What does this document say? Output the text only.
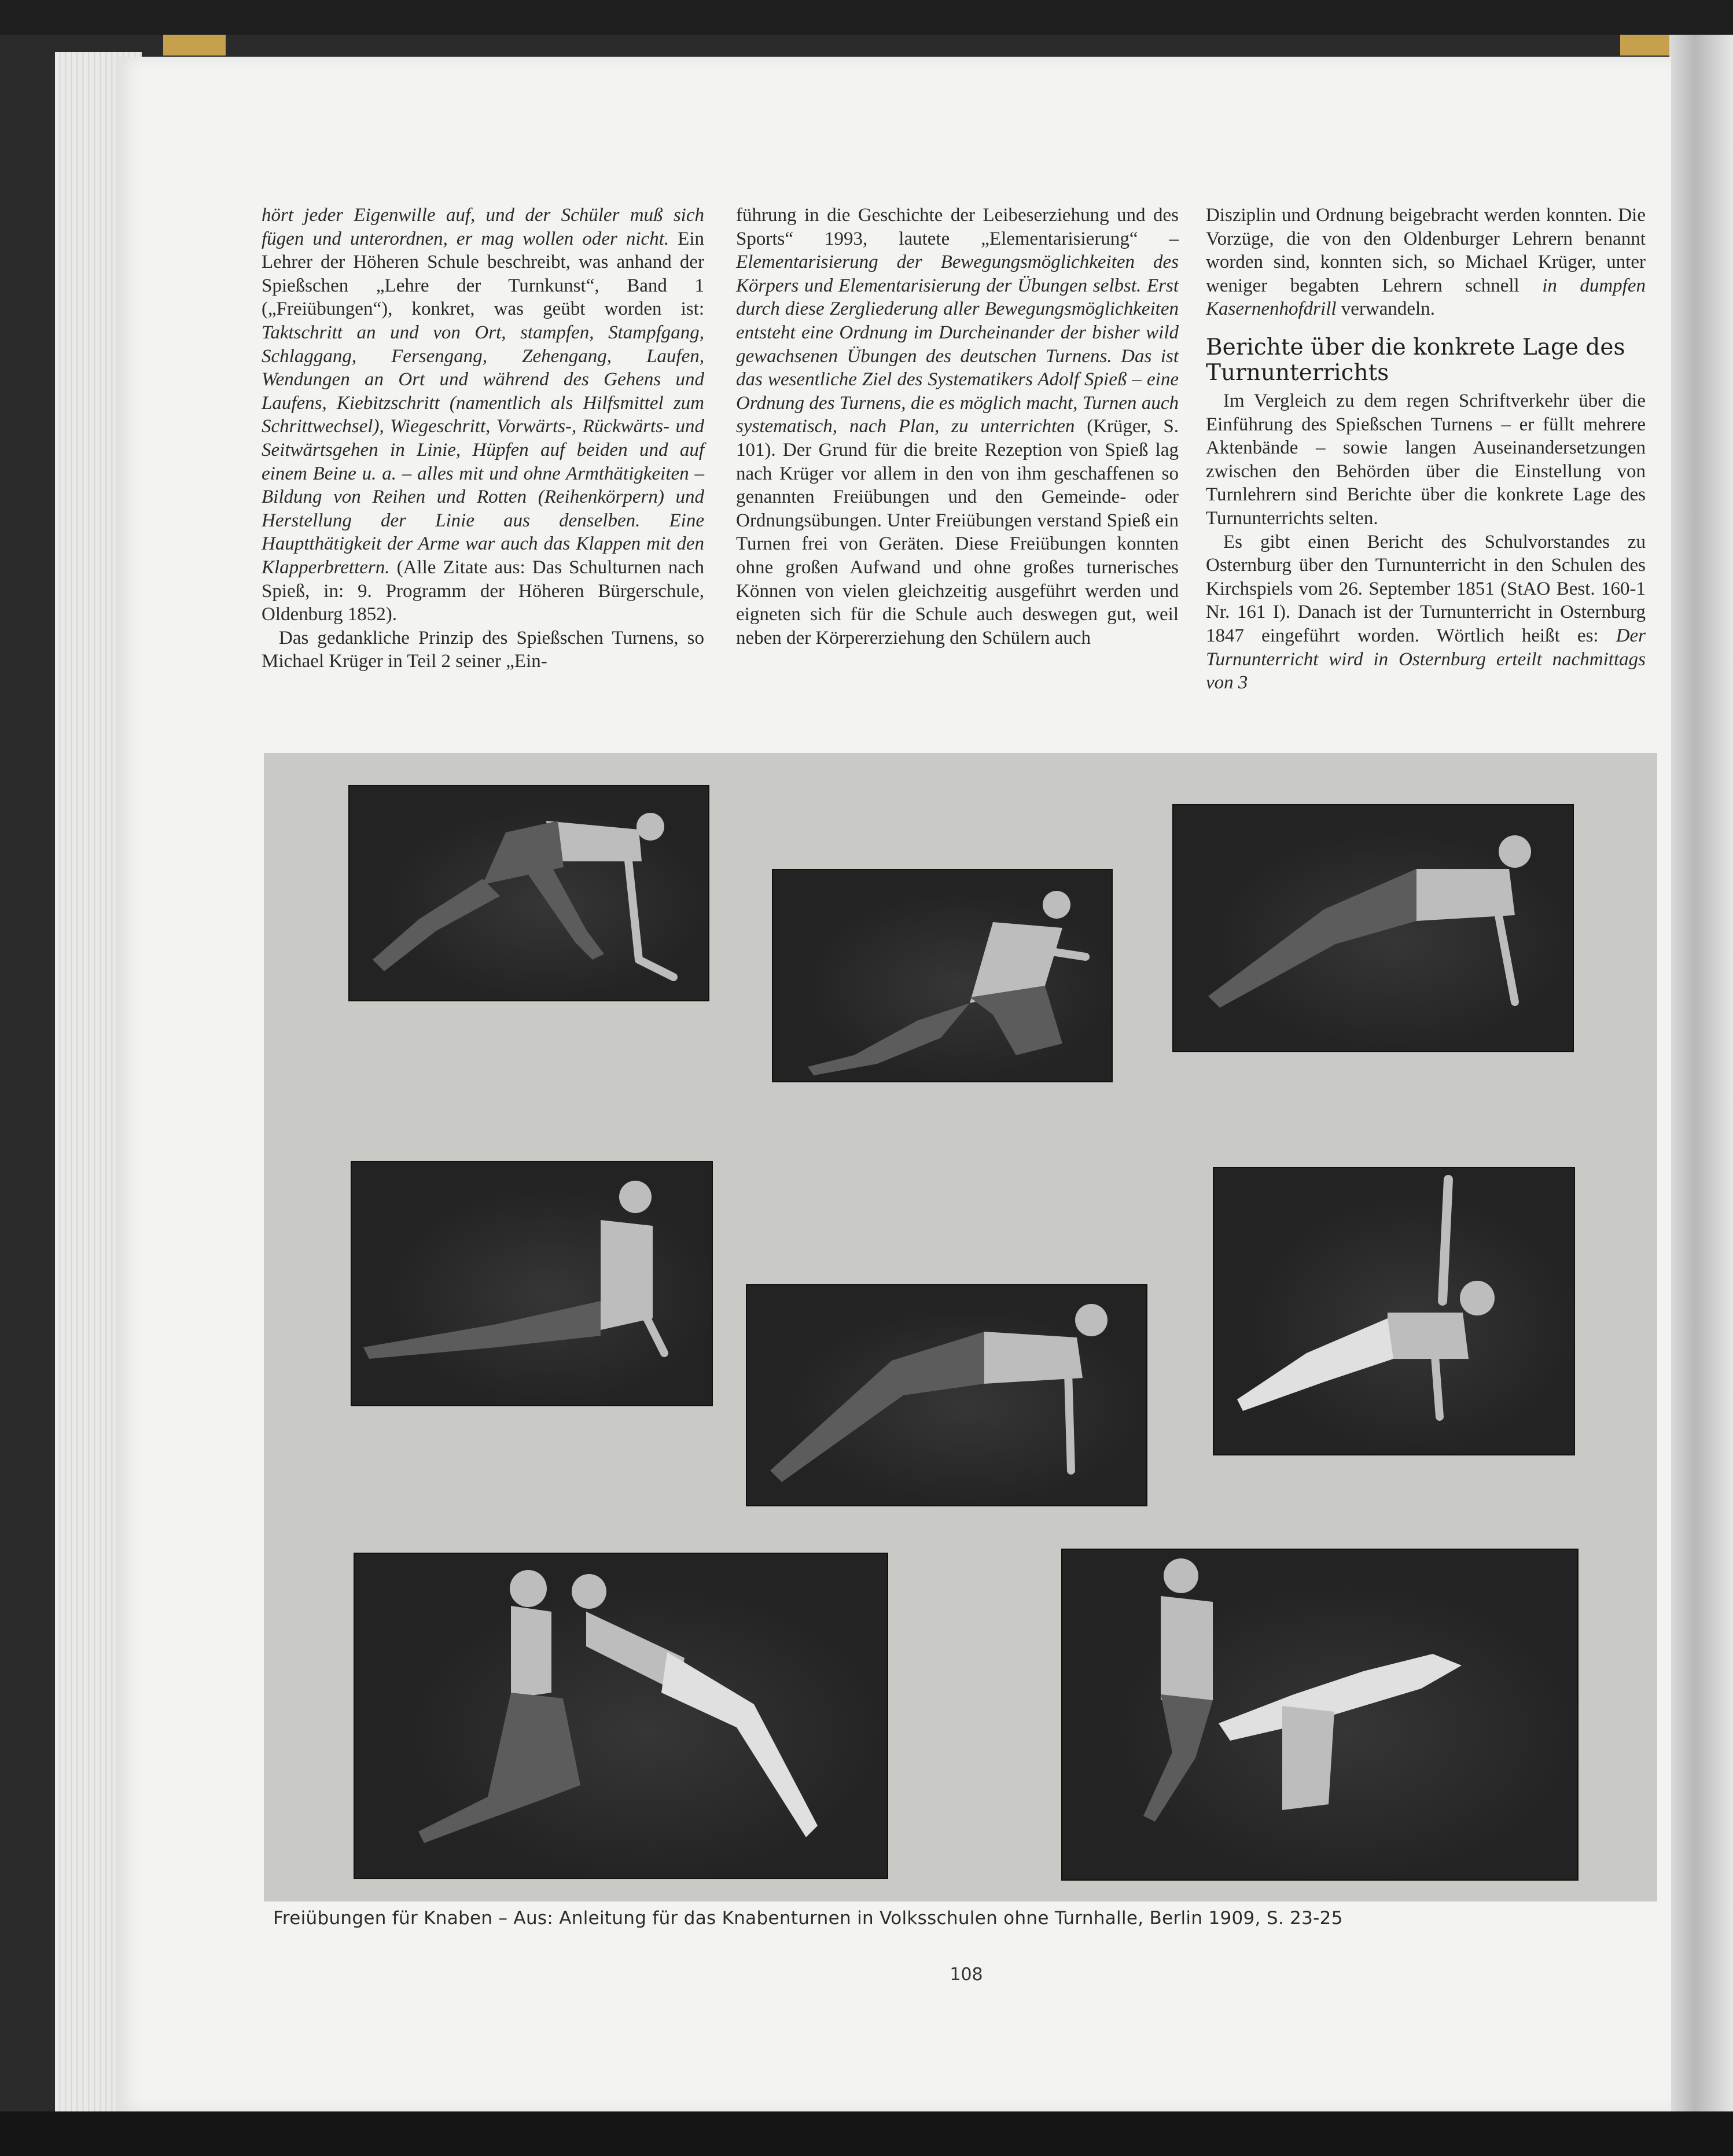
hört jeder Eigenwille auf, und der Schüler muß sich fügen und unterordnen, er mag wollen oder nicht. Ein Lehrer der Höheren Schule beschreibt, was anhand der Spießschen „Lehre der Turnkunst“, Band 1 („Freiübungen“), konkret, was geübt worden ist: Taktschritt an und von Ort, stampfen, Stampfgang, Schlaggang, Fersengang, Zehengang, Laufen, Wendungen an Ort und während des Gehens und Laufens, Kiebitzschritt (namentlich als Hilfsmittel zum Schrittwechsel), Wiegeschritt, Vorwärts-, Rückwärts- und Seitwärtsgehen in Linie, Hüpfen auf beiden und auf einem Beine u. a. – alles mit und ohne Armthätigkeiten – Bildung von Reihen und Rotten (Reihenkörpern) und Herstellung der Linie aus denselben. Eine Hauptthätigkeit der Arme war auch das Klappen mit den Klapperbrettern. (Alle Zitate aus: Das Schulturnen nach Spieß, in: 9. Programm der Höheren Bürgerschule, Oldenburg 1852).

Das gedankliche Prinzip des Spießschen Turnens, so Michael Krüger in Teil 2 seiner „Ein-

führung in die Geschichte der Leibeserziehung und des Sports“ 1993, lautete „Elementarisierung“ – Elementarisierung der Bewegungsmöglichkeiten des Körpers und Elementarisierung der Übungen selbst. Erst durch diese Zergliederung aller Bewegungsmöglichkeiten entsteht eine Ordnung im Durcheinander der bisher wild gewachsenen Übungen des deutschen Turnens. Das ist das wesentliche Ziel des Systematikers Adolf Spieß – eine Ordnung des Turnens, die es möglich macht, Turnen auch systematisch, nach Plan, zu unterrichten (Krüger, S. 101). Der Grund für die breite Rezeption von Spieß lag nach Krüger vor allem in den von ihm geschaffenen so genannten Freiübungen und den Gemeinde- oder Ordnungsübungen. Unter Freiübungen verstand Spieß ein Turnen frei von Geräten. Diese Freiübungen konnten ohne großen Aufwand und ohne großes turnerisches Können von vielen gleichzeitig ausgeführt werden und eigneten sich für die Schule auch deswegen gut, weil neben der Körpererziehung den Schülern auch

Disziplin und Ordnung beigebracht werden konnten. Die Vorzüge, die von den Oldenburger Lehrern benannt worden sind, konnten sich, so Michael Krüger, unter weniger begabten Lehrern schnell in dumpfen Kasernenhofdrill verwandeln.

Berichte über die konkrete Lage des Turnunterrichts

Im Vergleich zu dem regen Schriftverkehr über die Einführung des Spießschen Turnens – er füllt mehrere Aktenbände – sowie langen Auseinandersetzungen zwischen den Behörden über die Einstellung von Turnlehrern sind Berichte über die konkrete Lage des Turnunterrichts selten.

Es gibt einen Bericht des Schulvorstandes zu Osternburg über den Turnunterricht in den Schulen des Kirchspiels vom 26. September 1851 (StAO Best. 160-1 Nr. 161 I). Danach ist der Turnunterricht in Osternburg 1847 eingeführt worden. Wörtlich heißt es: Der Turnunterricht wird in Osternburg erteilt nachmittags von 3

Freiübungen für Knaben – Aus: Anleitung für das Knabenturnen in Volksschulen ohne Turnhalle, Berlin 1909, S. 23-25
108
